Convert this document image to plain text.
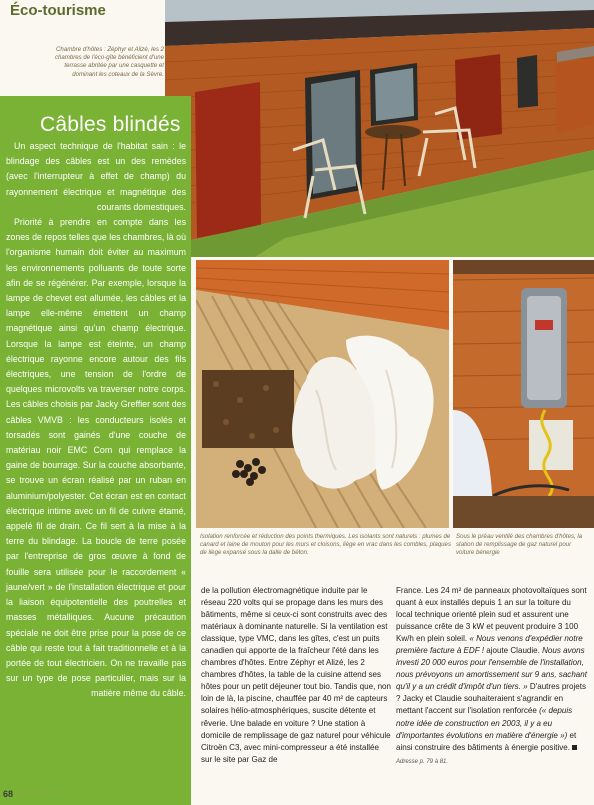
Éco-tourisme
Chambre d'hôtes : Zéphyr et Alizé, les 2 chambres de l'éco-gîte bénéficient d'une terrasse abritée par une casquette et dominant les coteaux de la Sèvre.
Câbles blindés

Un aspect technique de l'habitat sain : le blindage des câbles est un des remèdes (avec l'interrupteur à effet de champ) du rayonnement électrique et magnétique des courants domestiques.

Priorité à prendre en compte dans les zones de repos telles que les chambres, là où l'organisme humain doit éviter au maximum les environnements polluants de toute sorte afin de se régénérer. Par exemple, lorsque la lampe de chevet est allumée, les câbles et la lampe elle-même émettent un champ magnétique ainsi qu'un champ électrique. Lorsque la lampe est éteinte, un champ électrique rayonne encore autour des fils électriques, une tension de l'ordre de quelques microvolts va traverser notre corps. Les câbles choisis par Jacky Greffier sont des câbles VMVB : les conducteurs isolés et torsadés sont gainés d'une couche de matériau noir EMC Com qui remplace la gaine de bourrage. Sur la couche absorbante, se trouve un écran réalisé par un ruban en aluminium/polyester. Cet écran est en contact électrique intime avec un fil de cuivre étamé, appelé fil de drain. Ce fil sert à la mise à la terre du blindage. La boucle de terre posée par l'entreprise de gros œuvre à fond de fouille sera utilisée pour le raccordement « jaune/vert » de l'installation électrique et pour la liaison équipotentielle des poutrelles et masses métalliques. Aucune précaution spéciale ne doit être prise pour la pose de ce câble qui reste tout à fait traditionnelle et à la portée de tout électricien. On ne travaille pas sur un type de pose particulier, mais sur la matière même du câble.

Isolation renforcée et réduction des points thermiques. Les isolants sont naturels : plumes de canard et laine de mouton pour les murs et cloisons, liège en vrac dans les combles, plaques de liège expansé sous la dalle de béton.
Sous le préau ventilé des chambres d'hôtes, la station de remplissage de gaz naturel pour voiture bénergie

de la pollution électromagnétique induite par le réseau 220 volts qui se propage dans les murs des bâtiments, même si ceux-ci sont construits avec des matériaux à dominante naturelle. Si la ventilation est classique, type VMC, dans les gîtes, c'est un puits canadien qui apporte de la fraîcheur l'été dans les chambres d'hôtes. Entre Zéphyr et Alizé, les 2 chambres d'hôtes, la table de la cuisine attend ses hôtes pour un petit déjeuner tout bio. Tandis que, non loin de là, la piscine, chauffée par 40 m² de capteurs solaires hélio-atmosphériques, suscite détente et rêverie. Une balade en voiture ? Une station à domicile de remplissage de gaz naturel pour véhicule Citroën C3, avec mini-compresseur a été installée sur le site par Gaz de

France. Les 24 m² de panneaux photovoltaïques sont quant à eux installés depuis 1 an sur la toiture du local technique orienté plein sud et assurent une puissance crête de 3 kW et peuvent produire 3 100 Kw/h en plein soleil. « Nous venons d'expédier notre première facture à EDF ! ajoute Claudie. Nous avons investi 20 000 euros pour l'ensemble de l'installation, nous prévoyons un amortissement sur 9 ans, sachant qu'il y a un crédit d'impôt d'un tiers. » D'autres projets ? Jacky et Claudie souhaiteraient s'agrandir en mettant l'accent sur l'isolation renforcée (« depuis notre idée de construction en 2003, il y a eu d'importantes évolutions en matière d'énergie ») et ainsi construire des bâtiments à énergie positive.

Adresse p. 79 à 81.

68 HabitatNaturel
